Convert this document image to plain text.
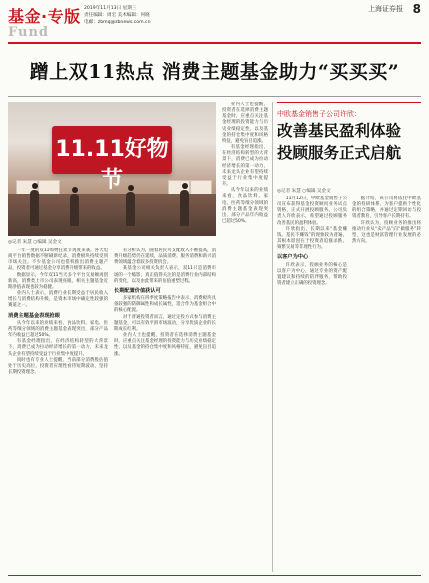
基金·专版
Fund
2019年11月13日 星期三
责任编辑：周宏 美术编辑：何晓
电邮：zbmq@zbnews.com.cn
上海证券报 8
蹭上双11热点 消费主题基金助力“买买买”
11.11好物节
◎记者 朱慧 ○编辑 吴金文

一年一度的双11购物狂欢节再度来袭。各大电商平台销售数据不断刷新纪录，消费板块持续受到市场关注。不少基金公司也借机推出消费主题产品，投资者可通过基金分享消费升级带来的收益。

数据显示，今年双11当天多个平台交易额再创新高，消费类上市公司表现亮眼，相关主题基金近期净值表现也较为稳健。

业内人士表示，消费行业长期受益于居民收入增长与消费结构升级，是资本市场中确定性较强的赛道之一。

消费主题基金表现抢眼

从今年以来的业绩来看，食品饮料、家电、医药等细分领域的消费主题基金表现突出，部分产品年内收益已超过50%。

有基金经理指出，在经济结构转型的大背景下，消费已成为拉动经济增长的第一动力，未来龙头企业有望持续受益于行业集中度提升。

同时也有专业人士提醒，当前部分消费股估值处于历史高位，投资者应理性看待短期波动，坚持长期投资理念。

有分析认为，随着居民可支配收入不断提高，消费升级趋势仍在延续，品质消费、服务消费和新兴消费领域蕴含着较多投资机会。

某基金公司相关负责人表示，双11只是消费市场的一个缩影，真正值得关注的是消费行业内部结构的变化，以及由此带来的估值重塑过程。

长期配置价值获认可

多家机构在四季度策略报告中表示，消费板块具备较强的防御属性和成长属性，适合作为基金组合中的核心配置。

对于普通投资者而言，通过定投方式参与消费主题基金，可以有效平滑市场波动，分享优质企业的长期成长红利。

业内人士也提醒，投资者在选择消费主题基金时，应重点关注基金经理的投资能力与历史业绩稳定性，以及基金的持仓集中度和风格特征，避免盲目追涨。

业内人士也提醒，投资者在选择消费主题基金时，应重点关注基金经理的投资能力与历史业绩稳定性，以及基金的持仓集中度和风格特征，避免盲目追涨。

有基金经理指出，在经济结构转型的大背景下，消费已成为拉动经济增长的第一动力，未来龙头企业有望持续受益于行业集中度提升。

从今年以来的业绩来看，食品饮料、家电、医药等细分领域的消费主题基金表现突出，部分产品年内收益已超过50%。

中欧基金销售子公司许欣：
改善基民盈利体验
投顾服务正式启航
◎记者 朱慧 ○编辑 吴金文

11月12日，中欧基金销售子公司宣布获得基金投资顾问业务试点资格，正式开展投顾服务。公司负责人许欣表示，希望通过投顾服务改善基民的盈利体验。

许欣指出，长期以来“基金赚钱、基民不赚钱”的现象较为普遍，其根本原因在于投资者追涨杀跌、频繁交易等非理性行为。

以客户为中心

许欣表示，投顾业务的核心是以客户为中心，通过专业的资产配置建议和持续的陪伴服务，帮助投资者建立正确的投资理念。

据介绍，该公司将依托中欧基金的投研体系，为客户提供个性化的组合策略，并通过定期回访与投资者教育，引导客户长期持有。

许欣认为，投顾业务的推出将推动行业从“卖产品”向“做服务”转型，这也是财富管理行业发展的必然方向。
